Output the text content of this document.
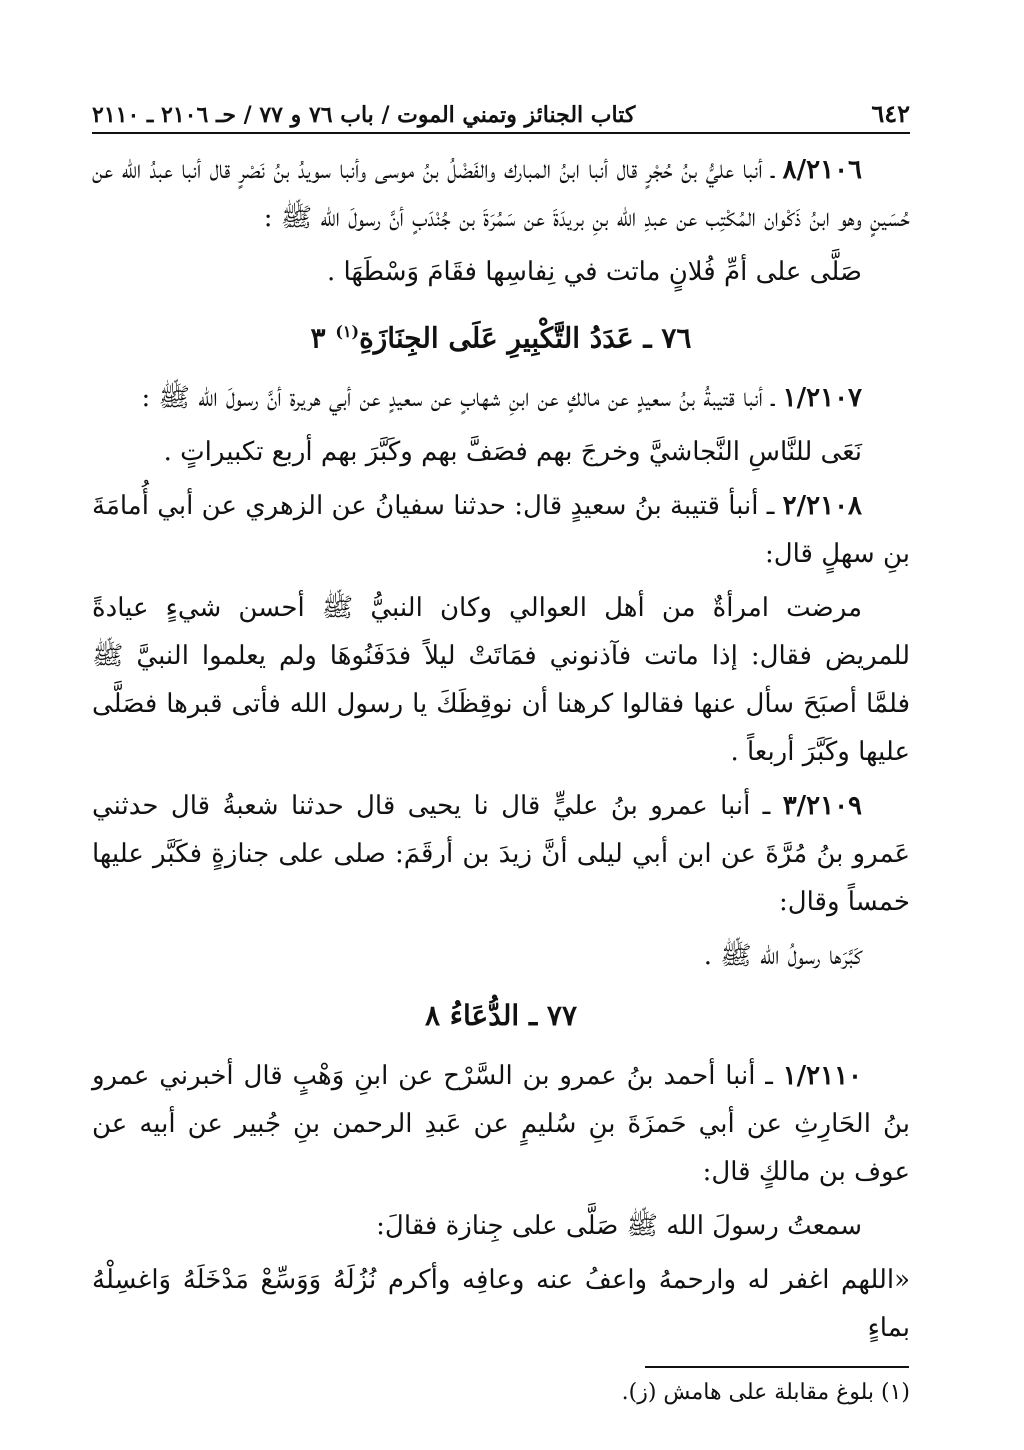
٦٤٢
كتاب الجنائز وتمني الموت / باب ٧٦ و ٧٧ / حـ ٢١٠٦ ـ ٢١١٠

٨/٢١٠٦ ـ أنبا عليُّ بنُ حُجْرٍ قال أنبا ابنُ المبارك والفَضْلُ بنُ موسى وأنبا سويدُ بنُ نَصْرٍ قال أنبا عبدُ الله عن حُسَينٍ وهو ابنُ ذَكْوان المُكْتِب عن عبدِ الله بنِ بريدَةَ عن سَمُرَةَ بن جُنْدَبٍ أنَّ رسولَ الله ﷺ :

صَلَّى على أمِّ فُلانٍ ماتت في نِفاسِها فقَامَ وَسْطَهَا .

٧٦ ـ عَدَدُ التَّكْبِيرِ عَلَى الجِنَازَةِ$^{(١)}$ ٣

١/٢١٠٧ ـ أنبا قتيبةُ بنُ سعيدٍ عن مالكٍ عن ابنِ شهابٍ عن سعيدٍ عن أبي هريرة أنَّ رسولَ الله ﷺ :

نَعَى للنَّاسِ النَّجاشيَّ وخرجَ بهم فصَفَّ بهم وكَبَّرَ بهم أربع تكبيراتٍ .

٢/٢١٠٨ ـ أنبأ قتيبة بنُ سعيدٍ قال: حدثنا سفيانُ عن الزهري عن أبي أُمامَةَ بنِ سهلٍ قال:

مرضت امرأةٌ من أهل العوالي وكان النبيُّ ﷺ أحسن شيءٍ عيادةً للمريض فقال: إذا ماتت فآذنوني فمَاتَتْ ليلاً فدَفَنُوهَا ولم يعلموا النبيَّ ﷺ فلمَّا أصبَحَ سأل عنها فقالوا كرهنا أن نوقِظَكَ يا رسول الله فأتى قبرها فصَلَّى عليها وكَبَّرَ أربعاً .

٣/٢١٠٩ ـ أنبا عمرو بنُ عليٍّ قال نا يحيى قال حدثنا شعبةُ قال حدثني عَمرو بنُ مُرَّةَ عن ابن أبي ليلى أنَّ زيدَ بن أرقَمَ: صلى على جنازةٍ فكَبَّر عليها خمساً وقال:

كَبَّرَها رسولُ الله ﷺ .

٧٧ ـ الدُّعَاءُ ٨

١/٢١١٠ ـ أنبا أحمد بنُ عمرو بن السَّرْح عن ابنِ وَهْبٍ قال أخبرني عمرو بنُ الحَارِثِ عن أبي حَمزَةَ بنِ سُليمٍ عن عَبدِ الرحمن بنِ جُبير عن أبيه عن عوف بن مالكٍ قال:

سمعتُ رسولَ الله ﷺ صَلَّى على جِنازة فقالَ:

«اللهم اغفر له وارحمهُ واعفُ عنه وعافِه وأكرم نُزُلَهُ وَوَسِّعْ مَدْخَلَهُ وَاغسِلْهُ بماءٍ

(١) بلوغ مقابلة على هامش (ز).
